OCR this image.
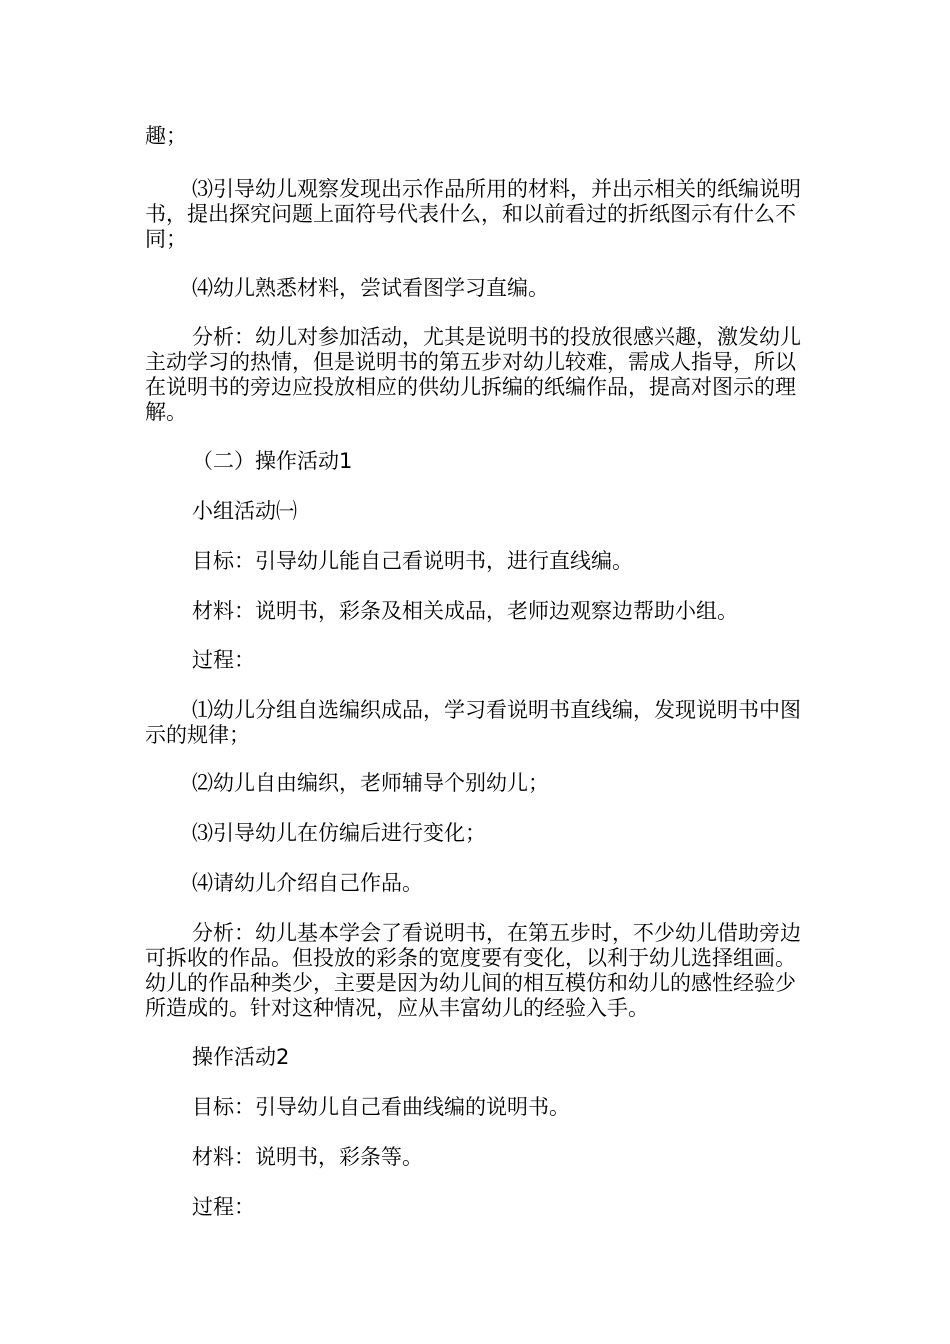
趣；

⑶引导幼儿观察发现出示作品所用的材料，并出示相关的纸编说明书，提出探究问题上面符号代表什么，和以前看过的折纸图示有什么不同；

⑷幼儿熟悉材料，尝试看图学习直编。

分析：幼儿对参加活动，尤其是说明书的投放很感兴趣，激发幼儿主动学习的热情，但是说明书的第五步对幼儿较难，需成人指导，所以在说明书的旁边应投放相应的供幼儿拆编的纸编作品，提高对图示的理解。

（二）操作活动1

小组活动㈠

目标：引导幼儿能自己看说明书，进行直线编。

材料：说明书，彩条及相关成品，老师边观察边帮助小组。

过程：

⑴幼儿分组自选编织成品，学习看说明书直线编，发现说明书中图示的规律；

⑵幼儿自由编织，老师辅导个别幼儿；

⑶引导幼儿在仿编后进行变化；

⑷请幼儿介绍自己作品。

分析：幼儿基本学会了看说明书，在第五步时，不少幼儿借助旁边可拆收的作品。但投放的彩条的宽度要有变化，以利于幼儿选择组画。幼儿的作品种类少，主要是因为幼儿间的相互模仿和幼儿的感性经验少所造成的。针对这种情况，应从丰富幼儿的经验入手。

操作活动2

目标：引导幼儿自己看曲线编的说明书。

材料：说明书，彩条等。

过程：
